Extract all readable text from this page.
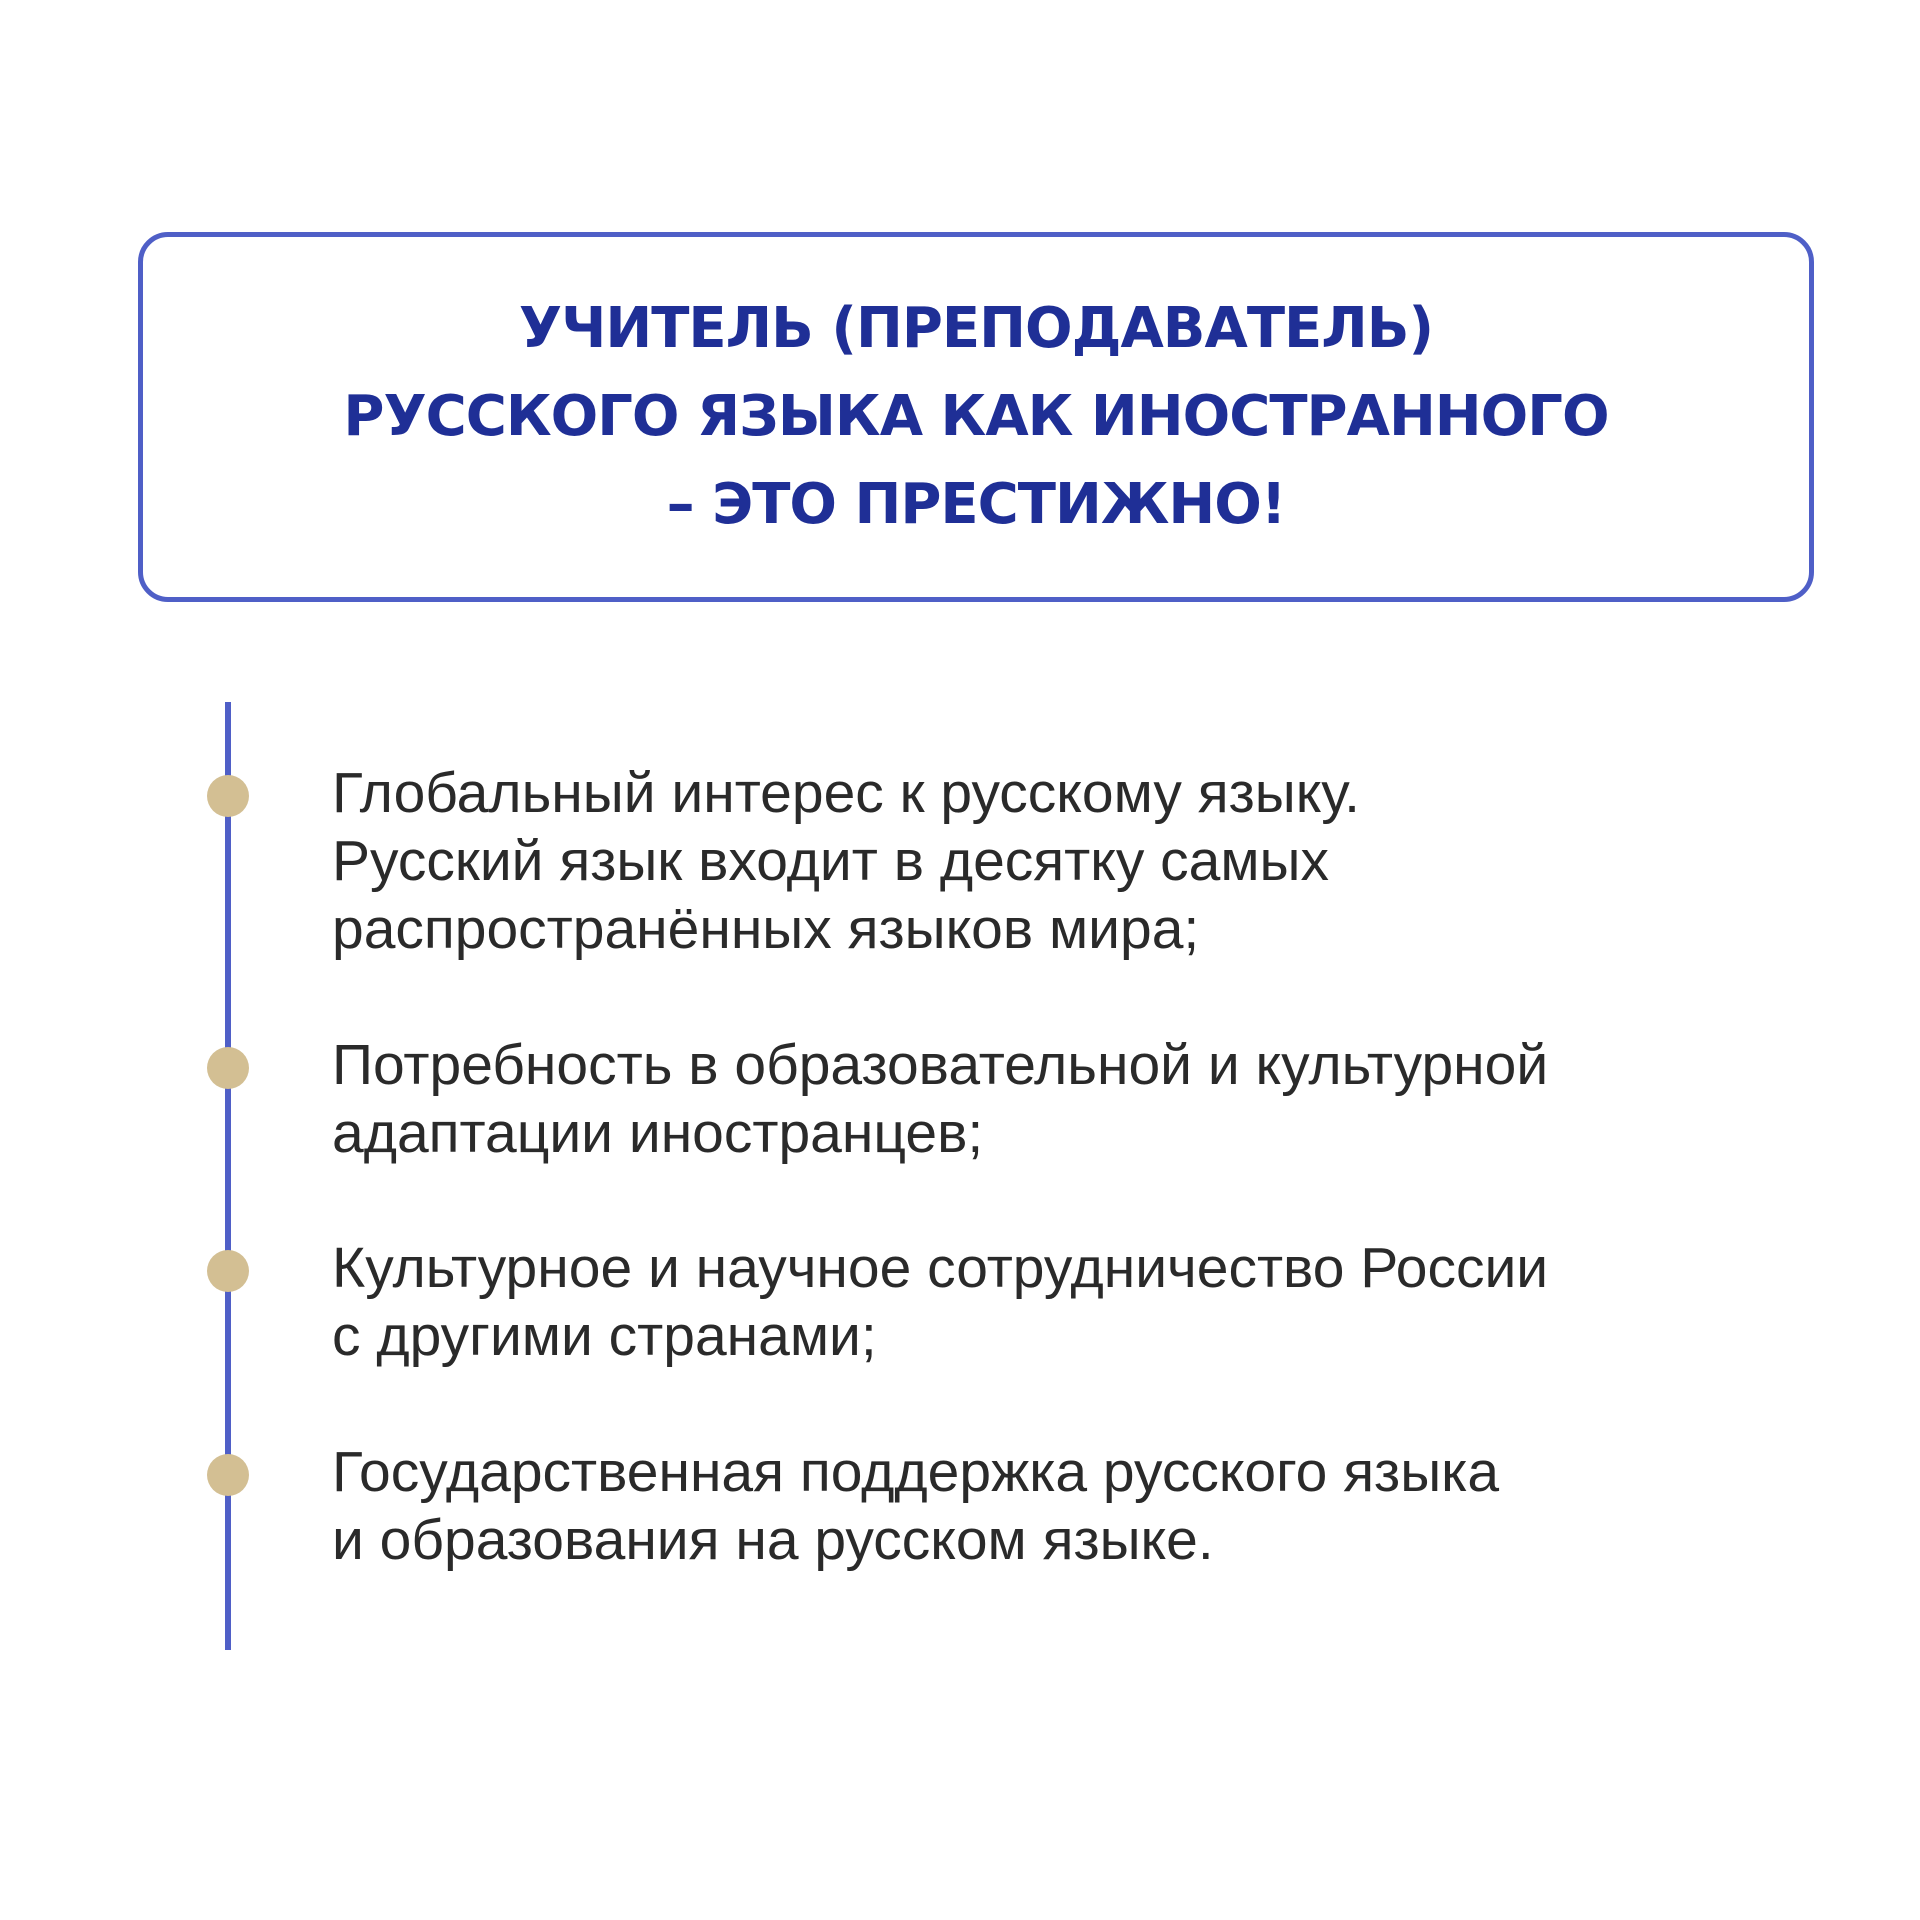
УЧИТЕЛЬ (ПРЕПОДАВАТЕЛЬ)
РУССКОГО ЯЗЫКА КАК ИНОСТРАННОГО
– ЭТО ПРЕСТИЖНО!

Глобальный интерес к русскому языку.
Русский язык входит в десятку самых
распространённых языков мира;

Потребность в образовательной и культурной
адаптации иностранцев;

Культурное и научное сотрудничество России
с другими странами;

Государственная поддержка русского языка
и образования на русском языке.
